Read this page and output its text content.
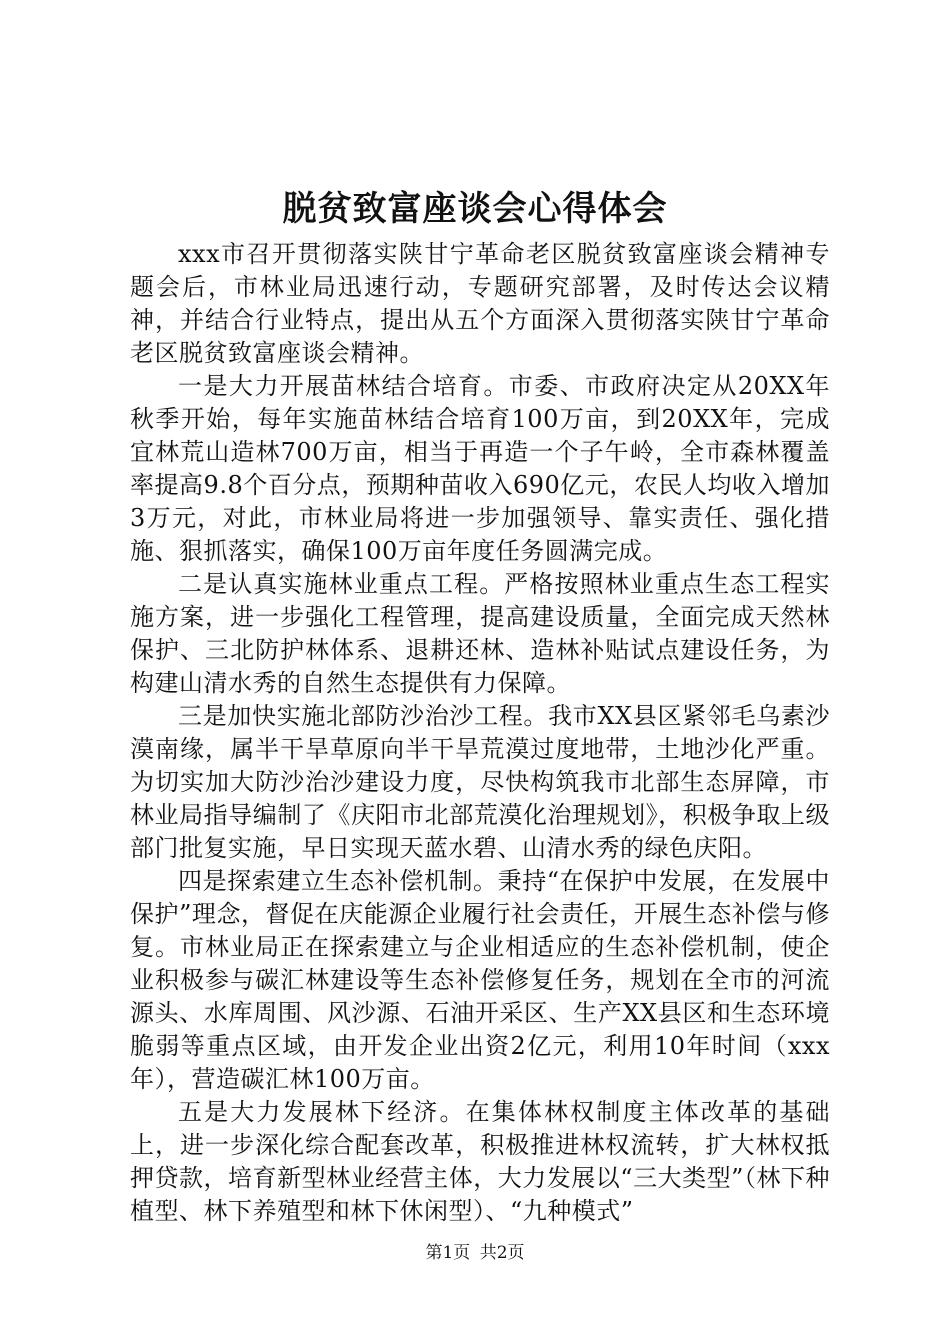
脱贫致富座谈会心得体会

xxx市召开贯彻落实陕甘宁革命老区脱贫致富座谈会精神专题会后，市林业局迅速行动，专题研究部署，及时传达会议精神，并结合行业特点，提出从五个方面深入贯彻落实陕甘宁革命老区脱贫致富座谈会精神。

一是大力开展苗林结合培育。市委、市政府决定从20XX年秋季开始，每年实施苗林结合培育100万亩，到20XX年，完成宜林荒山造林700万亩，相当于再造一个子午岭，全市森林覆盖率提高9.8个百分点，预期种苗收入690亿元，农民人均收入增加3万元，对此，市林业局将进一步加强领导、靠实责任、强化措施、狠抓落实，确保100万亩年度任务圆满完成。

二是认真实施林业重点工程。严格按照林业重点生态工程实施方案，进一步强化工程管理，提高建设质量，全面完成天然林保护、三北防护林体系、退耕还林、造林补贴试点建设任务，为构建山清水秀的自然生态提供有力保障。

三是加快实施北部防沙治沙工程。我市XX县区紧邻毛乌素沙漠南缘，属半干旱草原向半干旱荒漠过度地带，土地沙化严重。为切实加大防沙治沙建设力度，尽快构筑我市北部生态屏障，市林业局指导编制了《庆阳市北部荒漠化治理规划》，积极争取上级部门批复实施，早日实现天蓝水碧、山清水秀的绿色庆阳。

四是探索建立生态补偿机制。秉持“在保护中发展，在发展中保护”理念，督促在庆能源企业履行社会责任，开展生态补偿与修复。市林业局正在探索建立与企业相适应的生态补偿机制，使企业积极参与碳汇林建设等生态补偿修复任务，规划在全市的河流源头、水库周围、风沙源、石油开采区、生产XX县区和生态环境脆弱等重点区域，由开发企业出资2亿元，利用10年时间（xxx年），营造碳汇林100万亩。

五是大力发展林下经济。在集体林权制度主体改革的基础上，进一步深化综合配套改革，积极推进林权流转，扩大林权抵押贷款，培育新型林业经营主体，大力发展以“三大类型”（林下种植型、林下养殖型和林下休闲型）、“九种模式”

第1页 共2页
